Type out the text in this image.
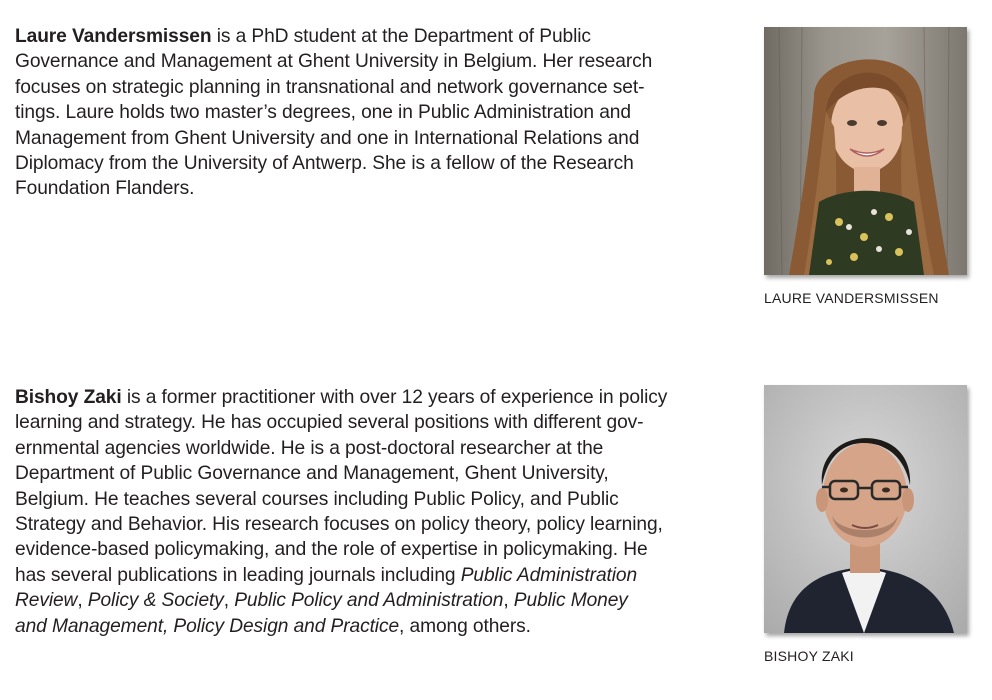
Laure Vandersmissen is a PhD student at the Department of Public
Governance and Management at Ghent University in Belgium. Her research
focuses on strategic planning in transnational and network governance set-
tings. Laure holds two master’s degrees, one in Public Administration and
Management from Ghent University and one in International Relations and
Diplomacy from the University of Antwerp. She is a fellow of the Research
Foundation Flanders.
LAURE VANDERSMISSEN
Bishoy Zaki is a former practitioner with over 12 years of experience in policy
learning and strategy. He has occupied several positions with different gov-
ernmental agencies worldwide. He is a post-doctoral researcher at the
Department of Public Governance and Management, Ghent University,
Belgium. He teaches several courses including Public Policy, and Public
Strategy and Behavior. His research focuses on policy theory, policy learning,
evidence-based policymaking, and the role of expertise in policymaking. He
has several publications in leading journals including Public Administration
Review, Policy & Society, Public Policy and Administration, Public Money
and Management, Policy Design and Practice, among others.
BISHOY ZAKI
